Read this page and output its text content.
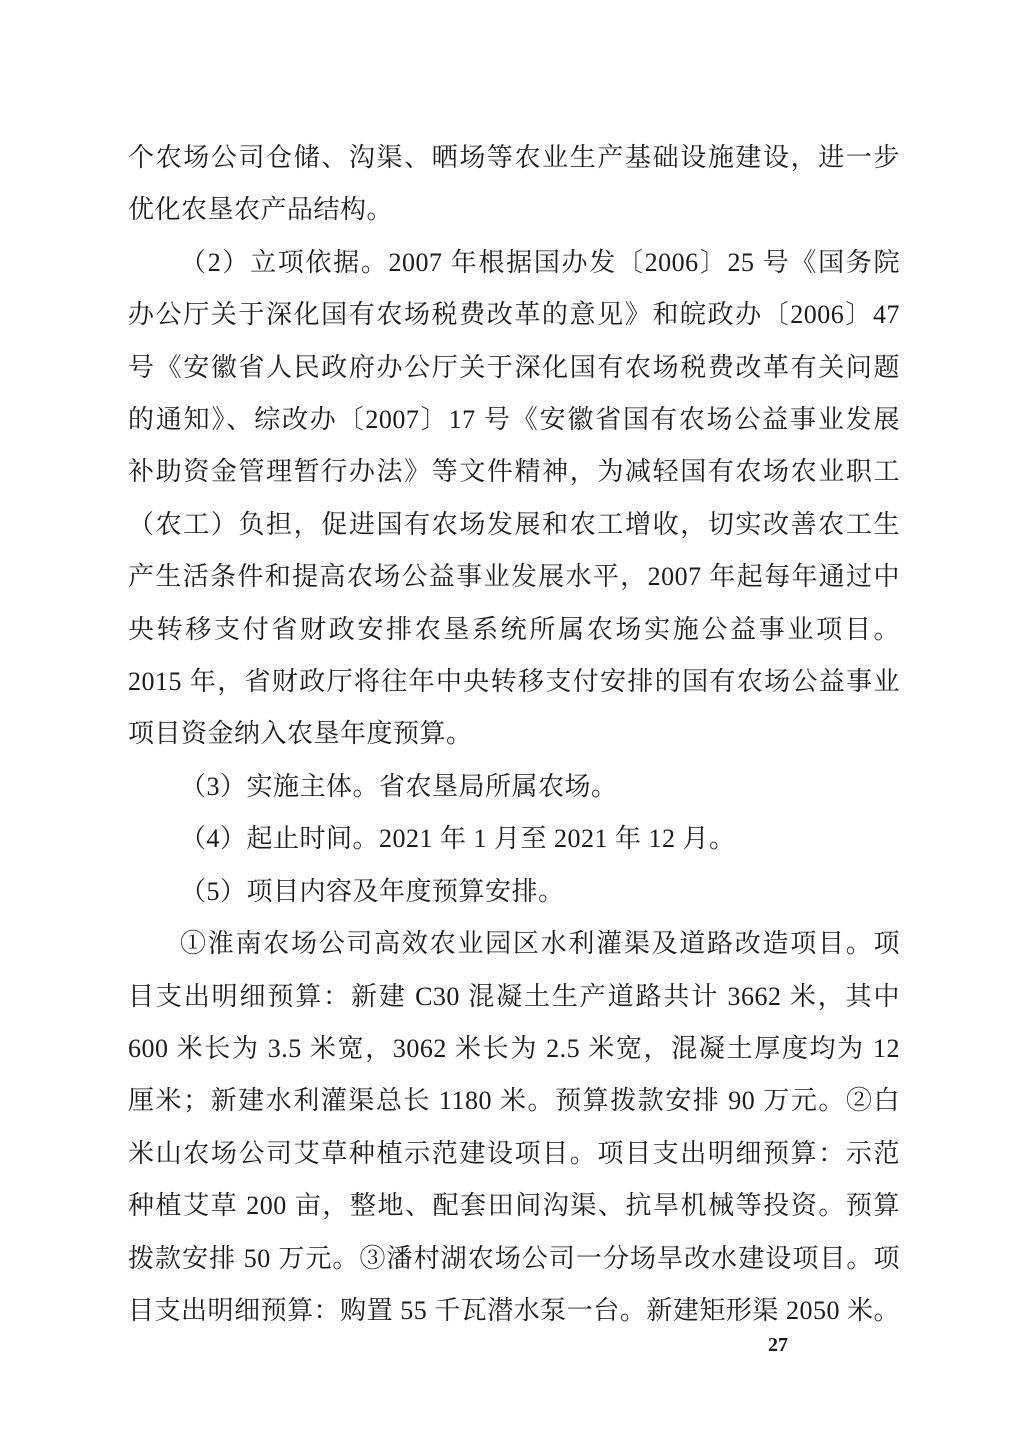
个农场公司仓储、沟渠、晒场等农业生产基础设施建设，进一步
优化农垦农产品结构。
（2）立项依据。2007 年根据国办发〔2006〕25 号《国务院
办公厅关于深化国有农场税费改革的意见》和皖政办〔2006〕47
号《安徽省人民政府办公厅关于深化国有农场税费改革有关问题
的通知》、综改办〔2007〕17 号《安徽省国有农场公益事业发展
补助资金管理暂行办法》等文件精神，为减轻国有农场农业职工
（农工）负担，促进国有农场发展和农工增收，切实改善农工生
产生活条件和提高农场公益事业发展水平，2007 年起每年通过中
央转移支付省财政安排农垦系统所属农场实施公益事业项目。
2015 年，省财政厅将往年中央转移支付安排的国有农场公益事业
项目资金纳入农垦年度预算。
（3）实施主体。省农垦局所属农场。
（4）起止时间。2021 年 1 月至 2021 年 12 月。
（5）项目内容及年度预算安排。
①淮南农场公司高效农业园区水利灌渠及道路改造项目。项
目支出明细预算：新建 C30 混凝土生产道路共计 3662 米，其中
600 米长为 3.5 米宽，3062 米长为 2.5 米宽，混凝土厚度均为 12
厘米；新建水利灌渠总长 1180 米。预算拨款安排 90 万元。②白
米山农场公司艾草种植示范建设项目。项目支出明细预算：示范
种植艾草 200 亩，整地、配套田间沟渠、抗旱机械等投资。预算
拨款安排 50 万元。③潘村湖农场公司一分场旱改水建设项目。项
目支出明细预算：购置 55 千瓦潜水泵一台。新建矩形渠 2050 米。
27
